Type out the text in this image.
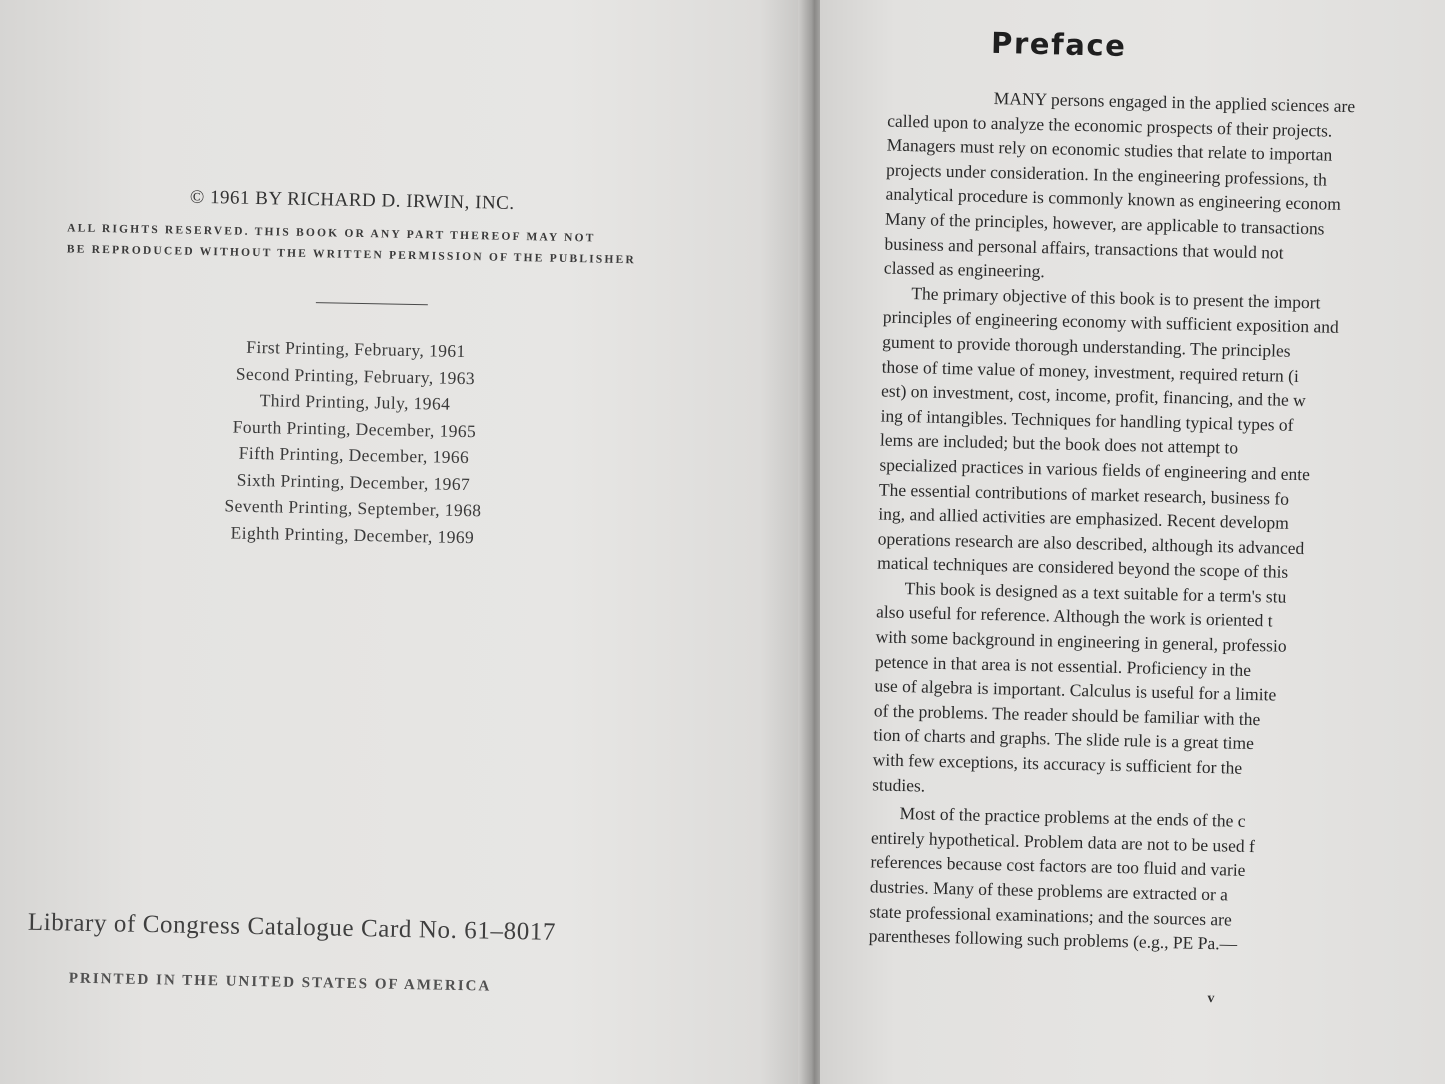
© 1961 BY RICHARD D. IRWIN, INC.
ALL RIGHTS RESERVED. THIS BOOK OR ANY PART THEREOF MAY NOT
BE REPRODUCED WITHOUT THE WRITTEN PERMISSION OF THE PUBLISHER
First Printing, February, 1961
Second Printing, February, 1963
Third Printing, July, 1964
Fourth Printing, December, 1965
Fifth Printing, December, 1966
Sixth Printing, December, 1967
Seventh Printing, September, 1968
Eighth Printing, December, 1969
Library of Congress Catalogue Card No. 61–8017
PRINTED IN THE UNITED STATES OF AMERICA
Preface
MANY persons engaged in the applied sciences are
called upon to analyze the economic prospects of their projects.
Managers must rely on economic studies that relate to importan
projects under consideration. In the engineering professions, th
analytical procedure is commonly known as engineering econom
Many of the principles, however, are applicable to transactions
business and personal affairs, transactions that would not
classed as engineering.
The primary objective of this book is to present the import
principles of engineering economy with sufficient exposition and
gument to provide thorough understanding. The principles
those of time value of money, investment, required return (i
est) on investment, cost, income, profit, financing, and the w
ing of intangibles. Techniques for handling typical types of
lems are included; but the book does not attempt to
specialized practices in various fields of engineering and ente
The essential contributions of market research, business fo
ing, and allied activities are emphasized. Recent developm
operations research are also described, although its advanced
matical techniques are considered beyond the scope of this
This book is designed as a text suitable for a term's stu
also useful for reference. Although the work is oriented t
with some background in engineering in general, professio
petence in that area is not essential. Proficiency in the
use of algebra is important. Calculus is useful for a limite
of the problems. The reader should be familiar with the
tion of charts and graphs. The slide rule is a great time
with few exceptions, its accuracy is sufficient for the
studies.
Most of the practice problems at the ends of the c
entirely hypothetical. Problem data are not to be used f
references because cost factors are too fluid and varie
dustries. Many of these problems are extracted or a
state professional examinations; and the sources are
parentheses following such problems (e.g., PE Pa.—
v
